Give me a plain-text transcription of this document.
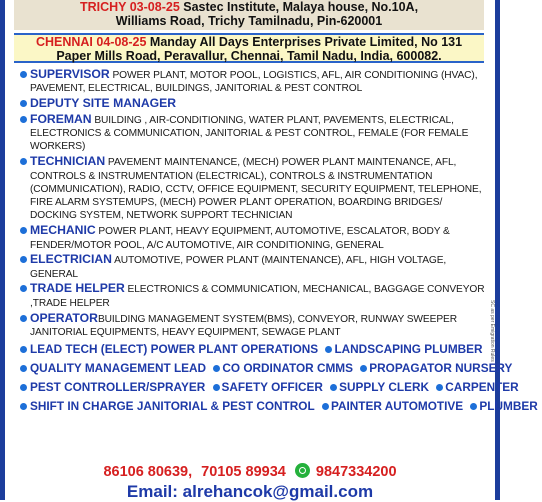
TRICHY 03-08-25 Sastec Institute, Malaya house, No.10A,
Williams Road, Trichy Tamilnadu, Pin-620001
CHENNAI 04-08-25 Manday All Days Enterprises Private Limited, No 131
Paper Mills Road, Peravallur, Chennai, Tamil Nadu, India, 600082.
SUPERVISOR POWER PLANT, MOTOR POOL, LOGISTICS, AFL, AIR CONDITIONING (HVAC), PAVEMENT, ELECTRICAL, BUILDINGS, JANITORIAL & PEST CONTROL
DEPUTY SITE MANAGER
FOREMAN BUILDING , AIR-CONDITIONING, WATER PLANT, PAVEMENTS, ELECTRICAL, ELECTRONICS & COMMUNICATION, JANITORIAL & PEST CONTROL, FEMALE (FOR FEMALE WORKERS)
TECHNICIAN PAVEMENT MAINTENANCE, (MECH) POWER PLANT MAINTENANCE, AFL, CONTROLS & INSTRUMENTATION (ELECTRICAL), CONTROLS & INSTRUMENTATION (COMMUNICATION), RADIO, CCTV, OFFICE EQUIPMENT, SECURITY EQUIPMENT, TELEPHONE, FIRE ALARM SYSTEMUPS, (MECH) POWER PLANT OPERATION, BOARDING BRIDGES/ DOCKING SYSTEM, NETWORK SUPPORT TECHNICIAN
MECHANIC POWER PLANT, HEAVY EQUIPMENT, AUTOMOTIVE, ESCALATOR, BODY & FENDER/MOTOR POOL, A/C AUTOMOTIVE, AIR CONDITIONING, GENERAL
ELECTRICIAN AUTOMOTIVE, POWER PLANT (MAINTENANCE), AFL, HIGH VOLTAGE, GENERAL
TRADE HELPER ELECTRONICS & COMMUNICATION, MECHANICAL, BAGGAGE CONVEYOR ,TRADE HELPER
OPERATORBUILDING MANAGEMENT SYSTEM(BMS), CONVEYOR, RUNWAY SWEEPER JANITORIAL EQUIPMENTS, HEAVY EQUIPMENT, SEWAGE PLANT
LEAD TECH (ELECT) POWER PLANT OPERATIONS LANDSCAPING PLUMBER
QUALITY MANAGEMENT LEAD CO ORDINATOR CMMS PROPAGATOR NURSERY
PEST CONTROLLER/SPRAYER SAFETY OFFICER SUPPLY CLERK CARPENTER
SHIFT IN CHARGE JANITORIAL & PEST CONTROL PAINTER AUTOMOTIVE PLUMBER
SC as per Emigration Rules
86106 80639, 70105 89934 9847334200
Email: alrehancok@gmail.com
